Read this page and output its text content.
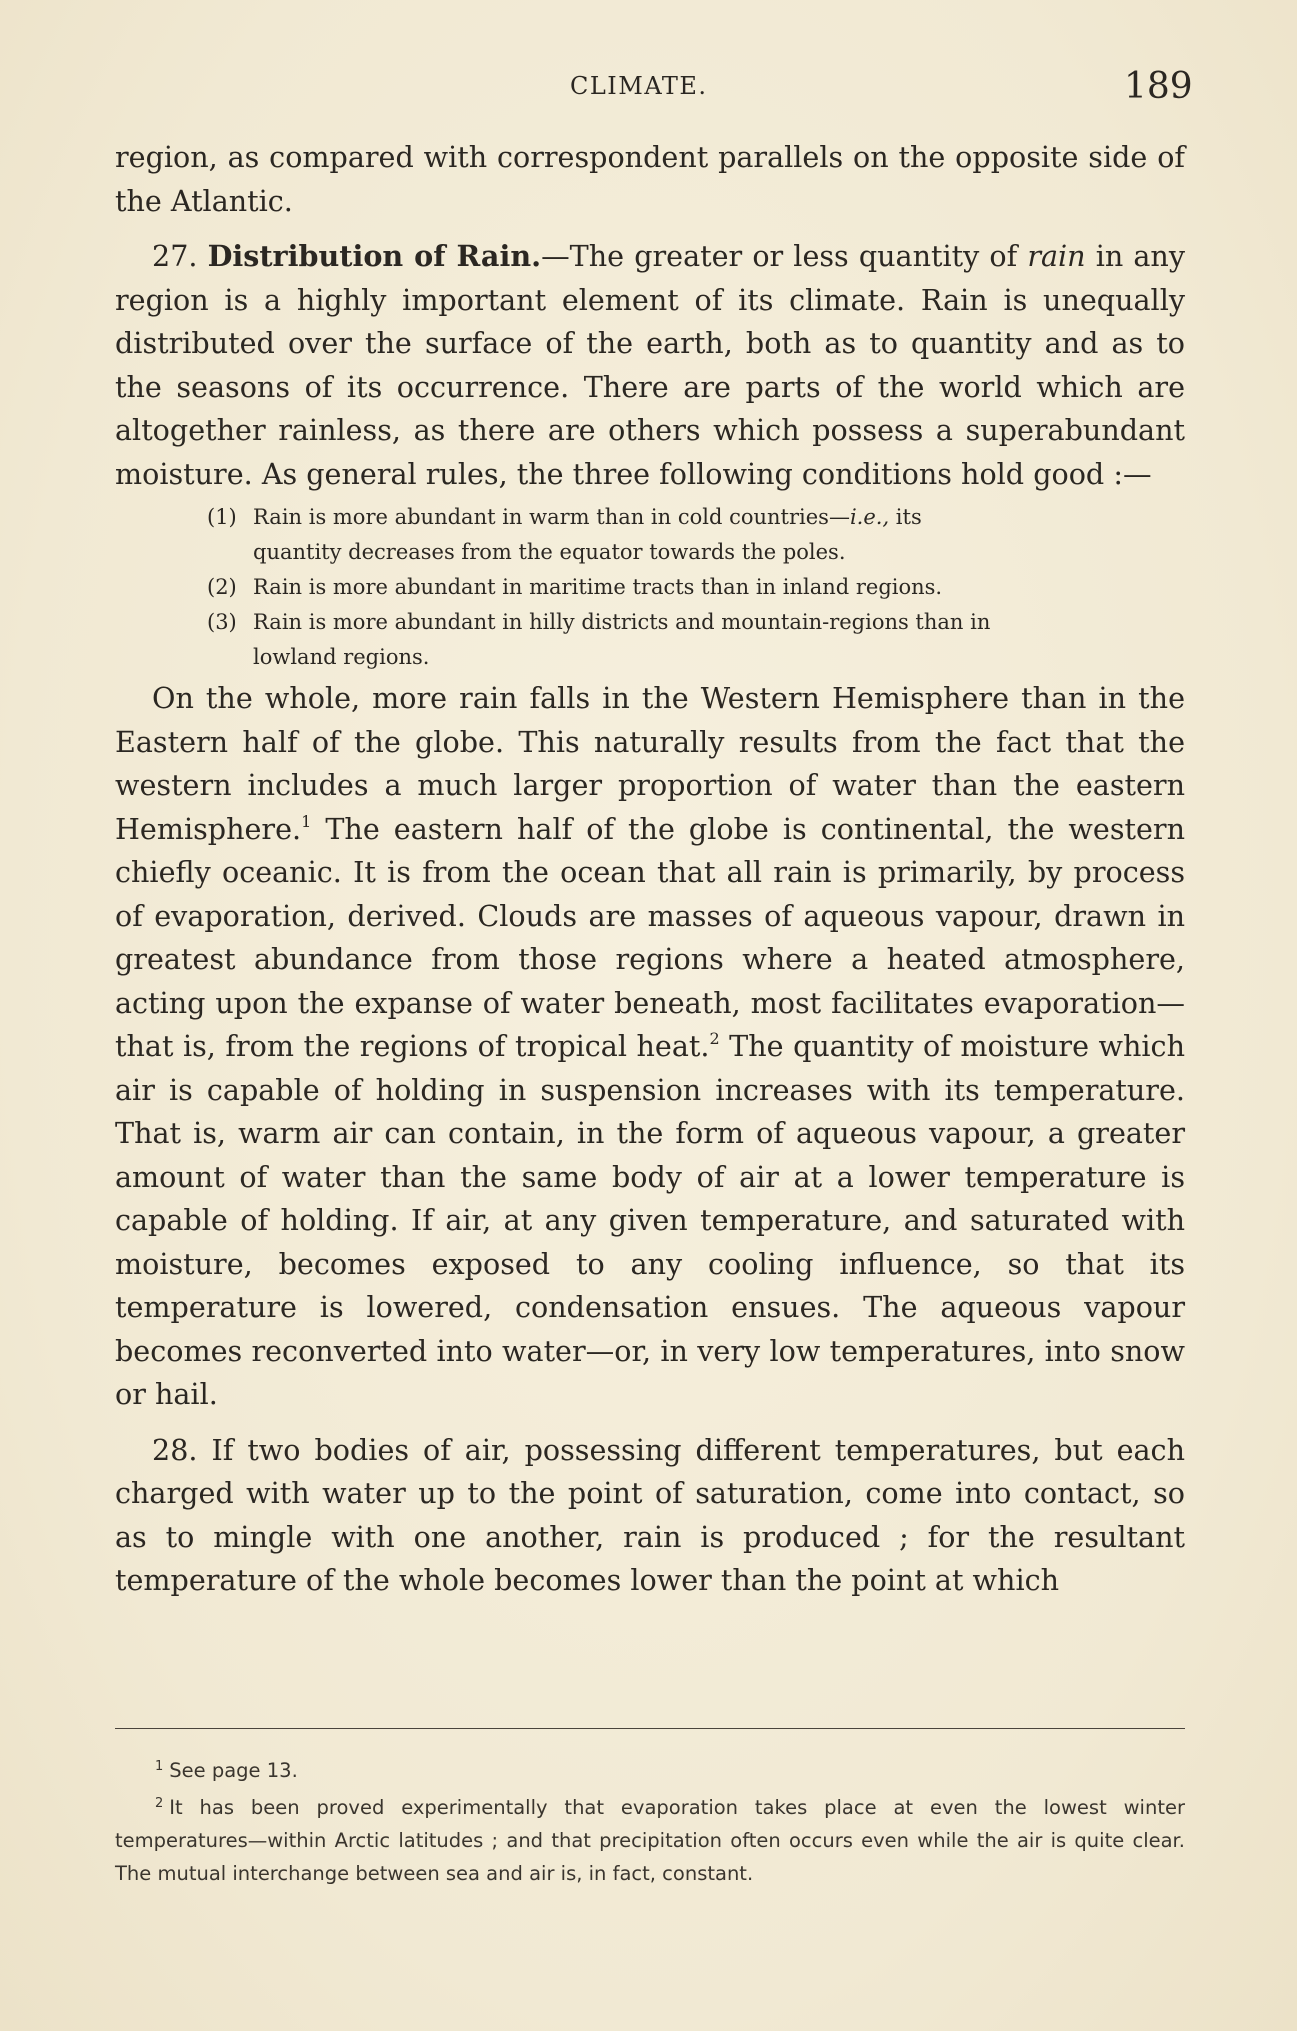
CLIMATE.	189

region, as compared with correspondent parallels on the opposite side of the Atlantic.

27. Distribution of Rain.—The greater or less quantity of rain in any region is a highly important element of its climate. Rain is unequally distributed over the surface of the earth, both as to quantity and as to the seasons of its occurrence. There are parts of the world which are altogether rainless, as there are others which possess a superabundant moisture. As general rules, the three following conditions hold good :—

(1) Rain is more abundant in warm than in cold countries—i.e., its
quantity decreases from the equator towards the poles.
(2) Rain is more abundant in maritime tracts than in inland regions.
(3) Rain is more abundant in hilly districts and mountain-regions than in
lowland regions.

On the whole, more rain falls in the Western Hemisphere than in the Eastern half of the globe. This naturally results from the fact that the western includes a much larger proportion of water than the eastern Hemisphere.$^1$ The eastern half of the globe is continental, the western chiefly oceanic. It is from the ocean that all rain is primarily, by process of evaporation, derived. Clouds are masses of aqueous vapour, drawn in greatest abundance from those regions where a heated atmosphere, acting upon the expanse of water beneath, most facilitates evaporation—that is, from the regions of tropical heat.$^2$ The quantity of moisture which air is capable of holding in suspension increases with its temperature. That is, warm air can contain, in the form of aqueous vapour, a greater amount of water than the same body of air at a lower temperature is capable of holding. If air, at any given temperature, and saturated with moisture, becomes exposed to any cooling influence, so that its temperature is lowered, condensation ensues. The aqueous vapour becomes reconverted into water—or, in very low temperatures, into snow or hail.

28. If two bodies of air, possessing different temperatures, but each charged with water up to the point of saturation, come into contact, so as to mingle with one another, rain is produced ; for the resultant temperature of the whole becomes lower than the point at which

$^1$ See page 13.

$^2$ It has been proved experimentally that evaporation takes place at even the lowest winter temperatures—within Arctic latitudes ; and that precipitation often occurs even while the air is quite clear. The mutual interchange between sea and air is, in fact, constant.
